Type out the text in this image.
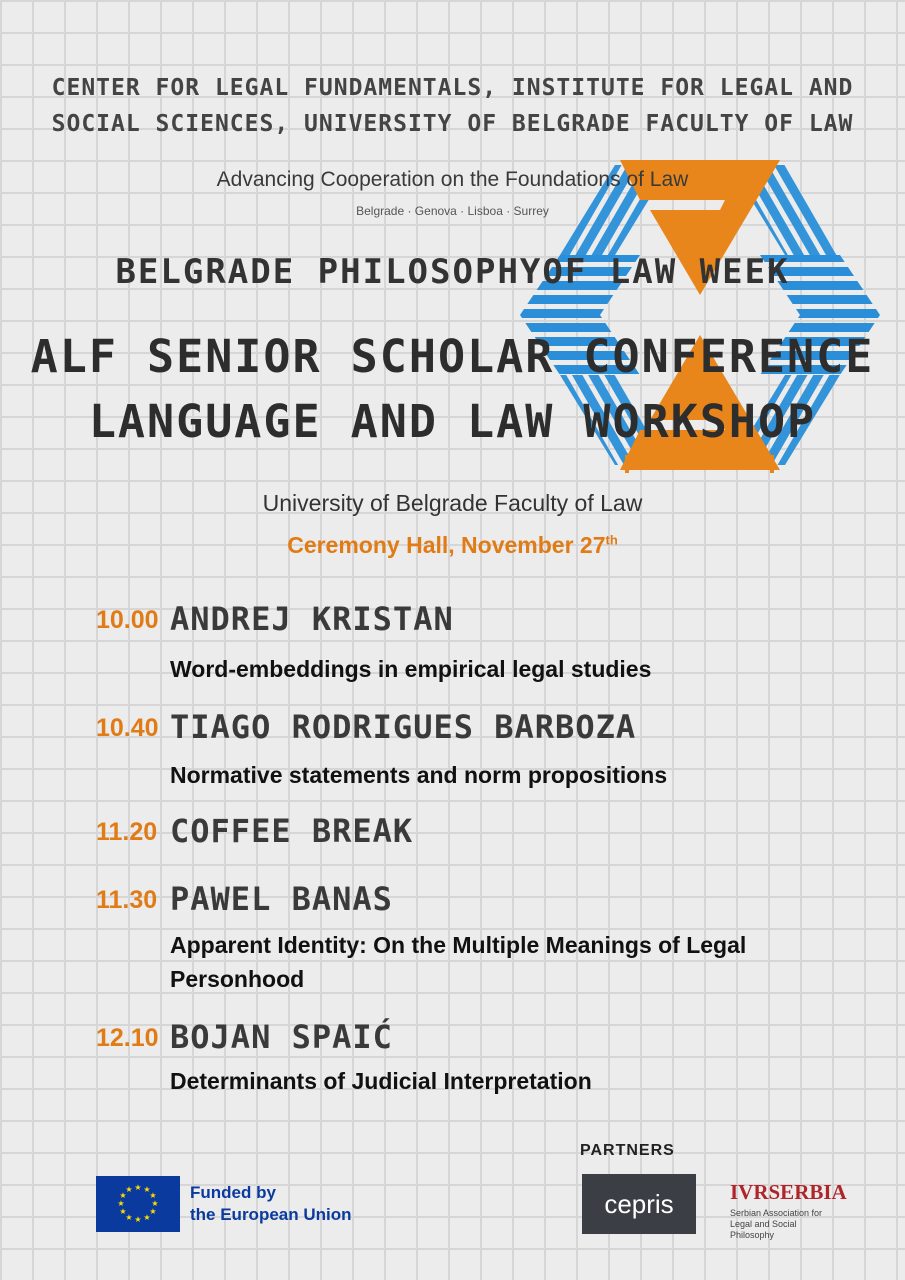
CENTER FOR LEGAL FUNDAMENTALS, INSTITUTE FOR LEGAL AND
SOCIAL SCIENCES, UNIVERSITY OF BELGRADE FACULTY OF LAW
Advancing Cooperation on the Foundations of Law
Belgrade · Genova · Lisboa · Surrey
BELGRADE PHILOSOPHYOF LAW WEEK
ALF SENIOR SCHOLAR CONFERENCE
LANGUAGE AND LAW WORKSHOP
University of Belgrade Faculty of Law
Ceremony Hall, November 27th
10.00 ANDREJ KRISTAN
Word-embeddings in empirical legal studies
10.40 TIAGO RODRIGUES BARBOZA
Normative statements and norm propositions
11.20 COFFEE BREAK
11.30 PAWEL BANAS
Apparent Identity: On the Multiple Meanings of Legal Personhood
12.10 BOJAN SPAIĆ
Determinants of Judicial Interpretation
PARTNERS
★ ★
★
★
★
★
★
★
★
★
★
★	Funded by
the European Union	cepris	IVRSERBIA
Serbian Association for Legal and Social Philosophy
